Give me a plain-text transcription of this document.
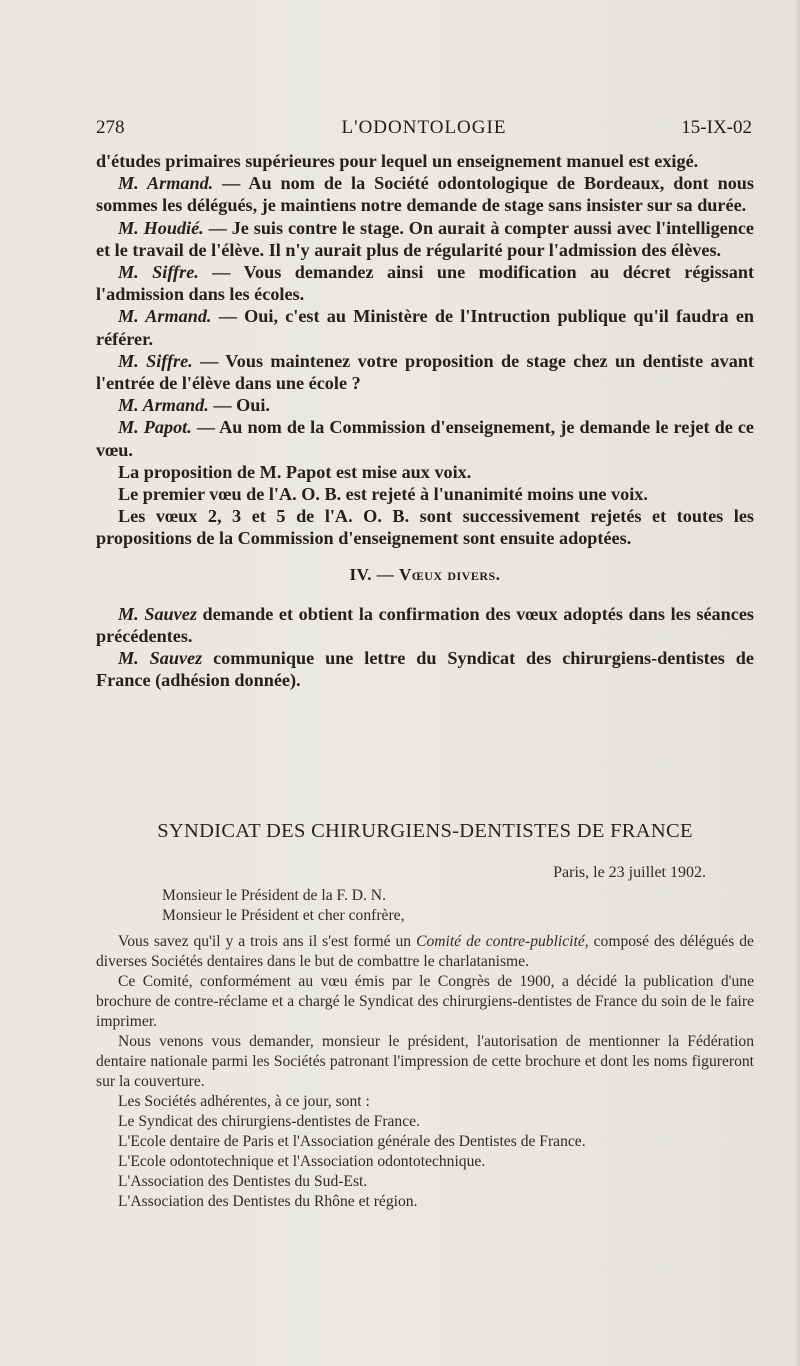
278	L'ODONTOLOGIE	15-IX-02

d'études primaires supérieures pour lequel un enseignement manuel est exigé.

M. Armand. — Au nom de la Société odontologique de Bordeaux, dont nous sommes les délégués, je maintiens notre demande de stage sans insister sur sa durée.

M. Houdié. — Je suis contre le stage. On aurait à compter aussi avec l'intelligence et le travail de l'élève. Il n'y aurait plus de régularité pour l'admission des élèves.

M. Siffre. — Vous demandez ainsi une modification au décret régissant l'admission dans les écoles.

M. Armand. — Oui, c'est au Ministère de l'Intruction publique qu'il faudra en référer.

M. Siffre. — Vous maintenez votre proposition de stage chez un dentiste avant l'entrée de l'élève dans une école ?

M. Armand. — Oui.

M. Papot. — Au nom de la Commission d'enseignement, je demande le rejet de ce vœu.

La proposition de M. Papot est mise aux voix.

Le premier vœu de l'A. O. B. est rejeté à l'unanimité moins une voix.

Les vœux 2, 3 et 5 de l'A. O. B. sont successivement rejetés et toutes les propositions de la Commission d'enseignement sont ensuite adoptées.

IV. — Vœux divers.

M. Sauvez demande et obtient la confirmation des vœux adoptés dans les séances précédentes.

M. Sauvez communique une lettre du Syndicat des chirurgiens-dentistes de France (adhésion donnée).

SYNDICAT DES CHIRURGIENS-DENTISTES DE FRANCE
Paris, le 23 juillet 1902.

Monsieur le Président de la F. D. N.

Monsieur le Président et cher confrère,

Vous savez qu'il y a trois ans il s'est formé un Comité de contre-publicité, composé des délégués de diverses Sociétés dentaires dans le but de combattre le charlatanisme.

Ce Comité, conformément au vœu émis par le Congrès de 1900, a décidé la publication d'une brochure de contre-réclame et a chargé le Syndicat des chirurgiens-dentistes de France du soin de le faire imprimer.

Nous venons vous demander, monsieur le président, l'autorisation de mentionner la Fédération dentaire nationale parmi les Sociétés patronant l'impression de cette brochure et dont les noms figureront sur la couverture.

Les Sociétés adhérentes, à ce jour, sont :

Le Syndicat des chirurgiens-dentistes de France.

L'Ecole dentaire de Paris et l'Association générale des Dentistes de France.

L'Ecole odontotechnique et l'Association odontotechnique.

L'Association des Dentistes du Sud-Est.

L'Association des Dentistes du Rhône et région.
